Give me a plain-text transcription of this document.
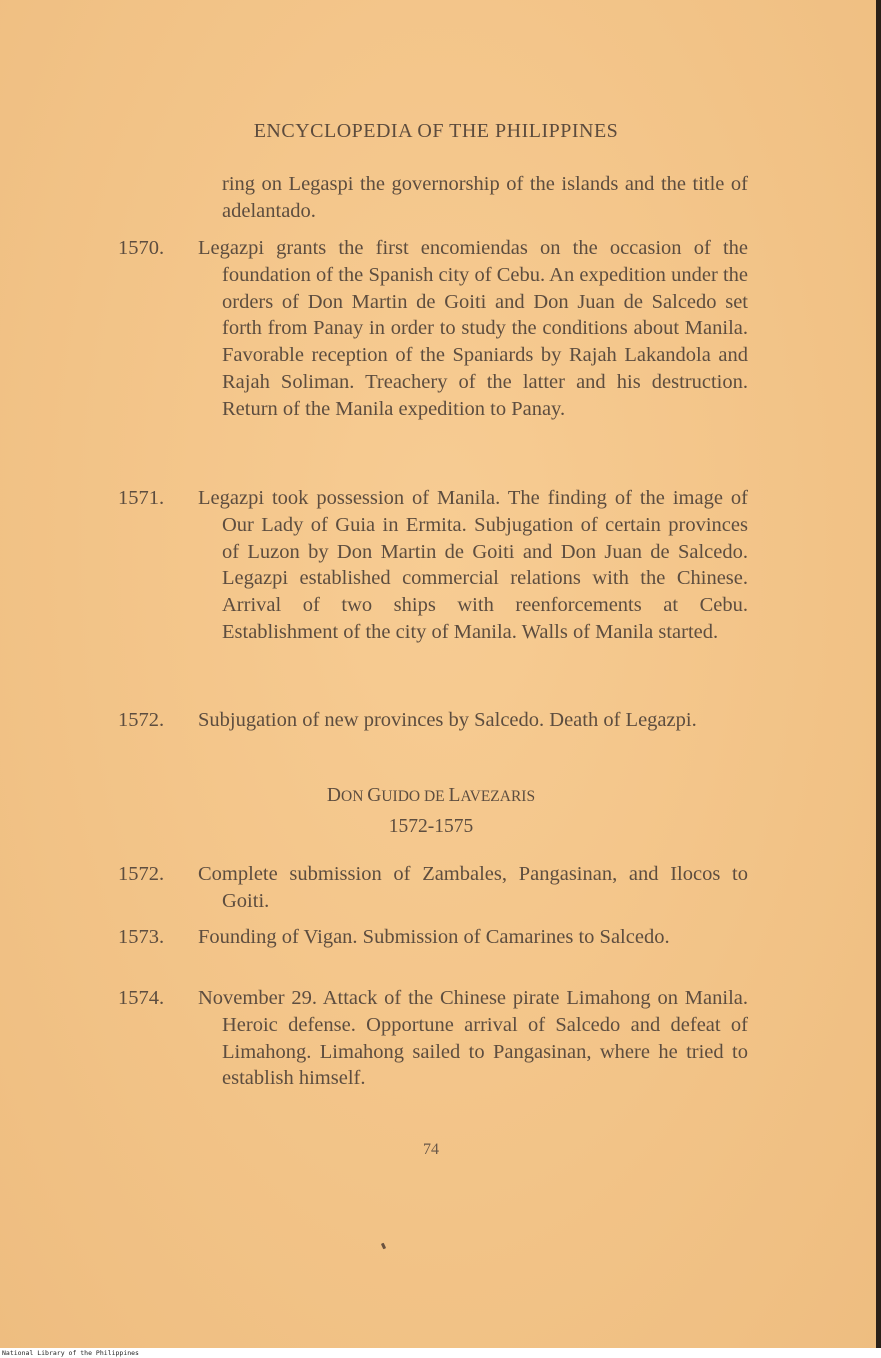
ENCYCLOPEDIA OF THE PHILIPPINES
ring on Legaspi the governorship of the islands and the title of adelantado.
1570. Legazpi grants the first encomiendas on the occasion of the foundation of the Spanish city of Cebu. An expedition under the orders of Don Martin de Goiti and Don Juan de Salcedo set forth from Panay in order to study the conditions about Manila. Favorable reception of the Spaniards by Rajah Lakandola and Rajah Soliman. Treachery of the latter and his destruction. Return of the Manila expedition to Panay.
1571. Legazpi took possession of Manila. The finding of the image of Our Lady of Guia in Ermita. Subjugation of certain provinces of Luzon by Don Martin de Goiti and Don Juan de Salcedo. Legazpi established commercial relations with the Chinese. Arrival of two ships with reenforcements at Cebu. Establishment of the city of Manila. Walls of Manila started.
1572. Subjugation of new provinces by Salcedo. Death of Legazpi.
DON GUIDO DE LAVEZARIS
1572-1575
1572. Complete submission of Zambales, Pangasinan, and Ilocos to Goiti.
1573. Founding of Vigan. Submission of Camarines to Salcedo.
1574. November 29. Attack of the Chinese pirate Limahong on Manila. Heroic defense. Opportune arrival of Salcedo and defeat of Limahong. Limahong sailed to Pangasinan, where he tried to establish himself.
74
National Library of the Philippines
